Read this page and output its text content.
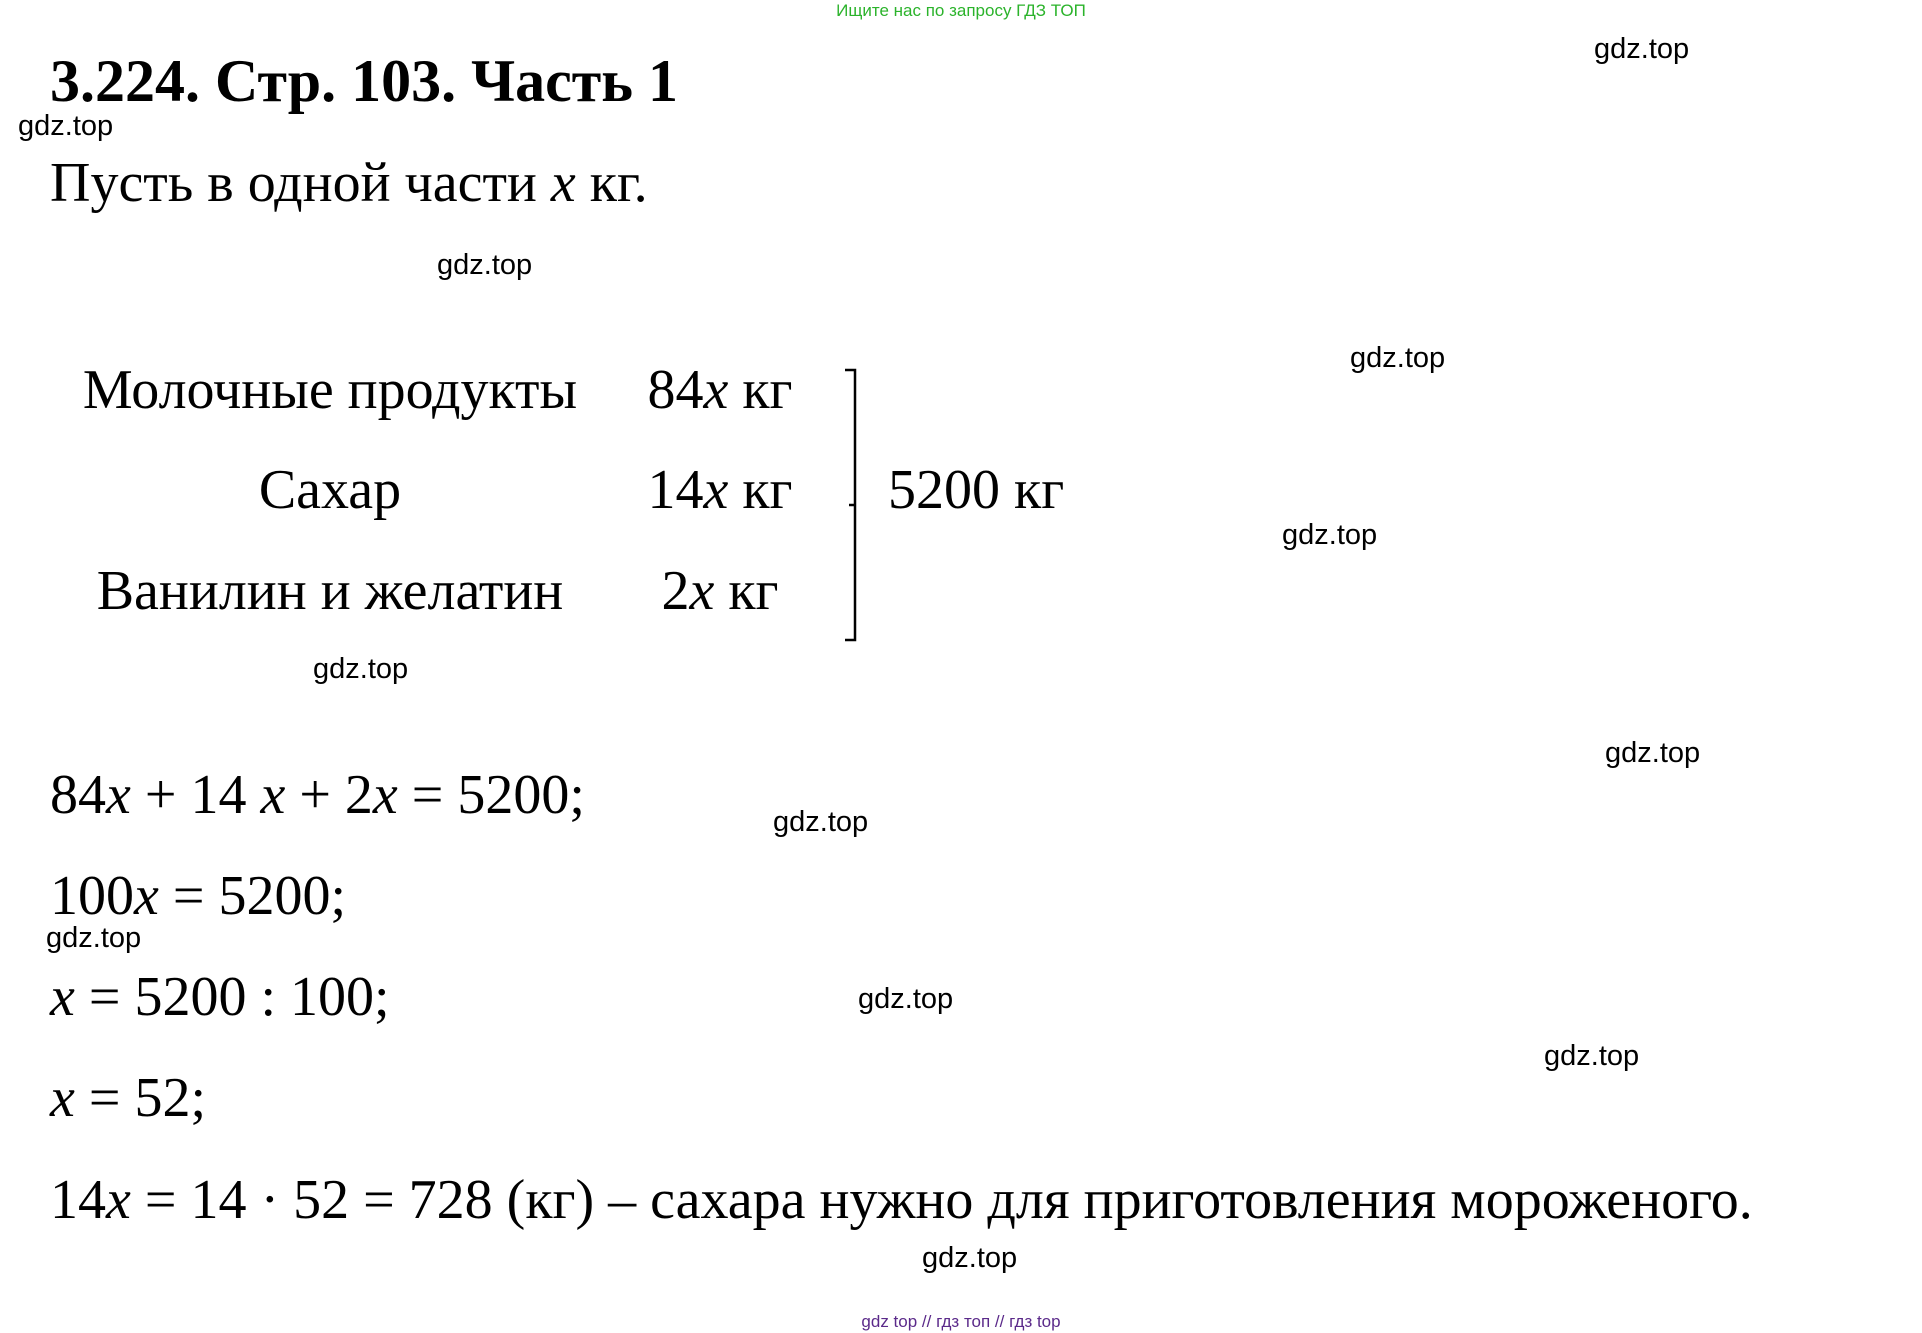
Ищите нас по запросу ГДЗ ТОП
3.224. Стр. 103. Часть 1
Пусть в одной части x кг.
Молочные продукты	84x кг
Сахар	14x кг
Ванилин и желатин	2x кг
5200 кг
84x + 14 x + 2x = 5200;
100x = 5200;
x = 5200 : 100;
x = 52;
14x = 14 · 52 = 728 (кг) – сахара нужно для приготовления мороженого.
gdz.top
gdz.top
gdz.top
gdz.top
gdz.top
gdz.top
gdz.top
gdz.top
gdz.top
gdz.top
gdz.top
gdz.top
gdz top // гдз топ // гдз top
